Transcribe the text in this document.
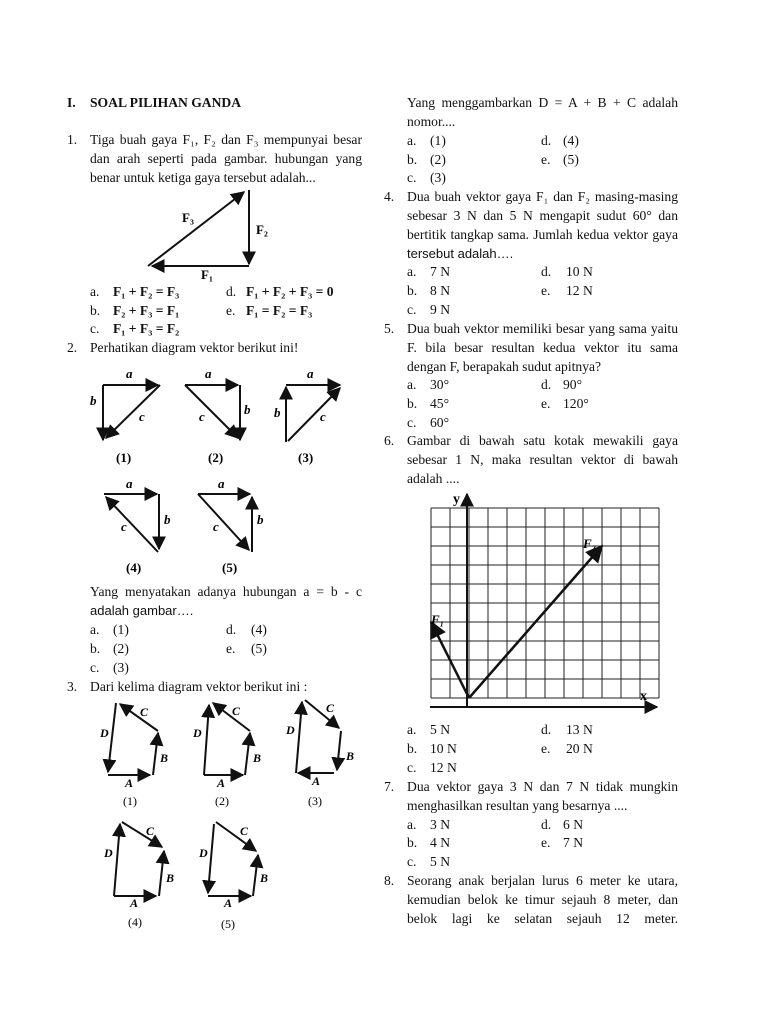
I. SOAL PILIHAN GANDA
1. Tiga buah gaya F₁, F₂ dan F₃ mempunyai besar
dan arah seperti pada gambar. hubungan yang
benar untuk ketiga gaya tersebut adalah...
F₃
F₂
F₁
a. F₁ + F₂ = F₃	d. F₁ + F₂ + F₃ = 0
b. F₂ + F₃ = F₁	e. F₁ = F₂ = F₃
c. F₁ + F₃ = F₂
2. Perhatikan diagram vektor berikut ini!
a
b
c
a
b
c
a
b	c
(1)	(2)	(3)
a
b
c
a
b
c
(4)	(5)
Yang menyatakan adanya hubungan a = b - c
adalah gambar….
a. (1)	d. (4)
b. (2)	e. (5)
c. (3)
3. Dari kelima diagram vektor berikut ini :
A
B
C
D
A
B
C
D
A
B
C
D
(1)	(2)	(3)
A
B
C
D
A
B
C
D
(4)	(5)
Yang menggambarkan D = A + B + C adalah
nomor....
a. (1)	d. (4)
b. (2)	e. (5)
c. (3)
4. Dua buah vektor gaya F₁ dan F₂ masing-masing
sebesar 3 N dan 5 N mengapit sudut 60° dan
bertitik tangkap sama. Jumlah kedua vektor gaya
tersebut adalah….
a. 7 N	d. 10 N
b. 8 N	e. 12 N
c. 9 N
5. Dua buah vektor memiliki besar yang sama yaitu
F. bila besar resultan kedua vektor itu sama
dengan F, berapakah sudut apitnya?
a. 30°	d. 90°
b. 45°	e. 120°
c. 60°
6. Gambar di bawah satu kotak mewakili gaya
sebesar 1 N, maka resultan vektor di bawah
adalah ....
y
x
F₁
F₂
a. 5 N	d. 13 N
b. 10 N	e. 20 N
c. 12 N
7. Dua vektor gaya 3 N dan 7 N tidak mungkin
menghasilkan resultan yang besarnya ....
a. 3 N	d. 6 N
b. 4 N	e. 7 N
c. 5 N
8. Seorang anak berjalan lurus 6 meter ke utara,
kemudian belok ke timur sejauh 8 meter, dan
belok lagi ke selatan sejauh 12 meter.
